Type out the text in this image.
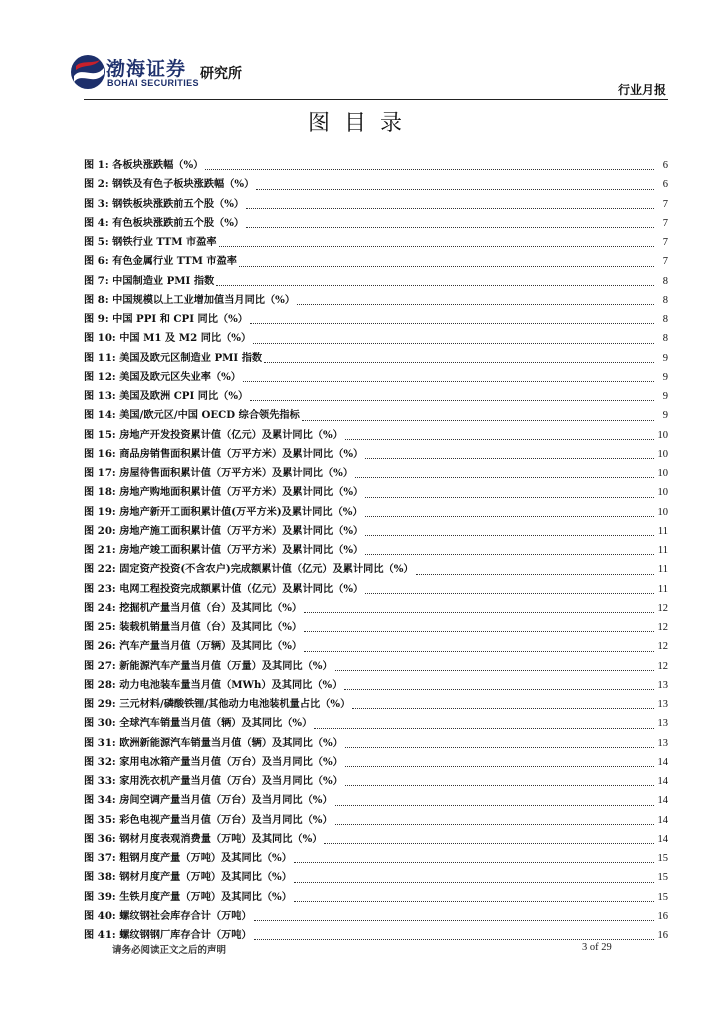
渤海证券
BOHAI SECURITIES
研究所
行业月报
图目录
图 1: 各板块涨跌幅（%）	6
图 2: 钢铁及有色子板块涨跌幅（%）	6
图 3: 钢铁板块涨跌前五个股（%）	7
图 4: 有色板块涨跌前五个股（%）	7
图 5: 钢铁行业 TTM 市盈率	7
图 6: 有色金属行业 TTM 市盈率	7
图 7: 中国制造业 PMI 指数	8
图 8: 中国规模以上工业增加值当月同比（%）	8
图 9: 中国 PPI 和 CPI 同比（%）	8
图 10: 中国 M1 及 M2 同比（%）	8
图 11: 美国及欧元区制造业 PMI 指数	9
图 12: 美国及欧元区失业率（%）	9
图 13: 美国及欧洲 CPI 同比（%）	9
图 14: 美国/欧元区/中国 OECD 综合领先指标	9
图 15: 房地产开发投资累计值（亿元）及累计同比（%）	10
图 16: 商品房销售面积累计值（万平方米）及累计同比（%）	10
图 17: 房屋待售面积累计值（万平方米）及累计同比（%）	10
图 18: 房地产购地面积累计值（万平方米）及累计同比（%）	10
图 19: 房地产新开工面积累计值(万平方米)及累计同比（%）	10
图 20: 房地产施工面积累计值（万平方米）及累计同比（%）	11
图 21: 房地产竣工面积累计值（万平方米）及累计同比（%）	11
图 22: 固定资产投资(不含农户)完成额累计值（亿元）及累计同比（%）	11
图 23: 电网工程投资完成额累计值（亿元）及累计同比（%）	11
图 24: 挖掘机产量当月值（台）及其同比（%）	12
图 25: 装载机销量当月值（台）及其同比（%）	12
图 26: 汽车产量当月值（万辆）及其同比（%）	12
图 27: 新能源汽车产量当月值（万量）及其同比（%）	12
图 28: 动力电池装车量当月值（MWh）及其同比（%）	13
图 29: 三元材料/磷酸铁锂/其他动力电池装机量占比（%）	13
图 30: 全球汽车销量当月值（辆）及其同比（%）	13
图 31: 欧洲新能源汽车销量当月值（辆）及其同比（%）	13
图 32: 家用电冰箱产量当月值（万台）及当月同比（%）	14
图 33: 家用洗衣机产量当月值（万台）及当月同比（%）	14
图 34: 房间空调产量当月值（万台）及当月同比（%）	14
图 35: 彩色电视产量当月值（万台）及当月同比（%）	14
图 36: 钢材月度表观消费量（万吨）及其同比（%）	14
图 37: 粗钢月度产量（万吨）及其同比（%）	15
图 38: 钢材月度产量（万吨）及其同比（%）	15
图 39: 生铁月度产量（万吨）及其同比（%）	15
图 40: 螺纹钢社会库存合计（万吨）	16
图 41: 螺纹钢钢厂库存合计（万吨）	16
请务必阅读正文之后的声明	3 of 29
